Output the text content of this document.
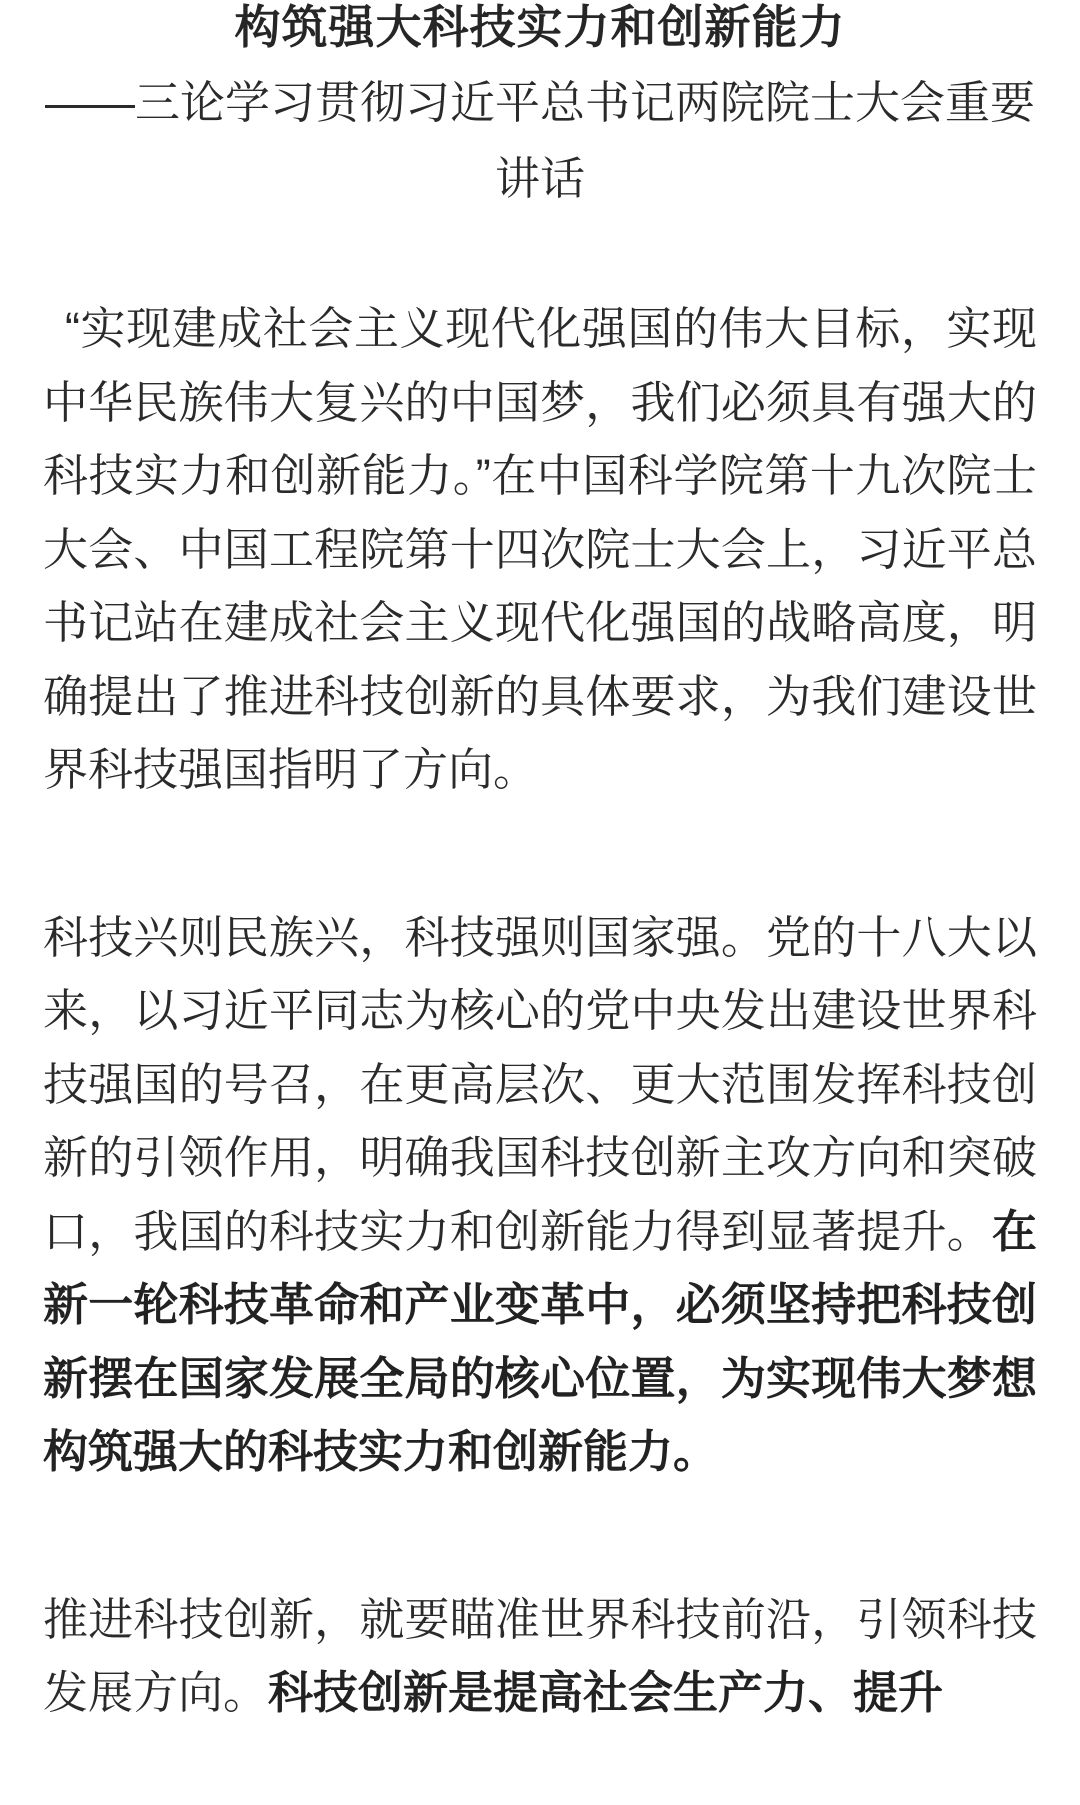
构筑强大科技实力和创新能力
——三论学习贯彻习近平总书记两院院士大会重要讲话

“实现建成社会主义现代化强国的伟大目标，实现中华民族伟大复兴的中国梦，我们必须具有强大的科技实力和创新能力。”在中国科学院第十九次院士大会、中国工程院第十四次院士大会上，习近平总书记站在建成社会主义现代化强国的战略高度，明确提出了推进科技创新的具体要求，为我们建设世界科技强国指明了方向。

科技兴则民族兴，科技强则国家强。党的十八大以来，以习近平同志为核心的党中央发出建设世界科技强国的号召，在更高层次、更大范围发挥科技创新的引领作用，明确我国科技创新主攻方向和突破口，我国的科技实力和创新能力得到显著提升。在新一轮科技革命和产业变革中，必须坚持把科技创新摆在国家发展全局的核心位置，为实现伟大梦想构筑强大的科技实力和创新能力。

推进科技创新，就要瞄准世界科技前沿，引领科技发展方向。科技创新是提高社会生产力、提升
